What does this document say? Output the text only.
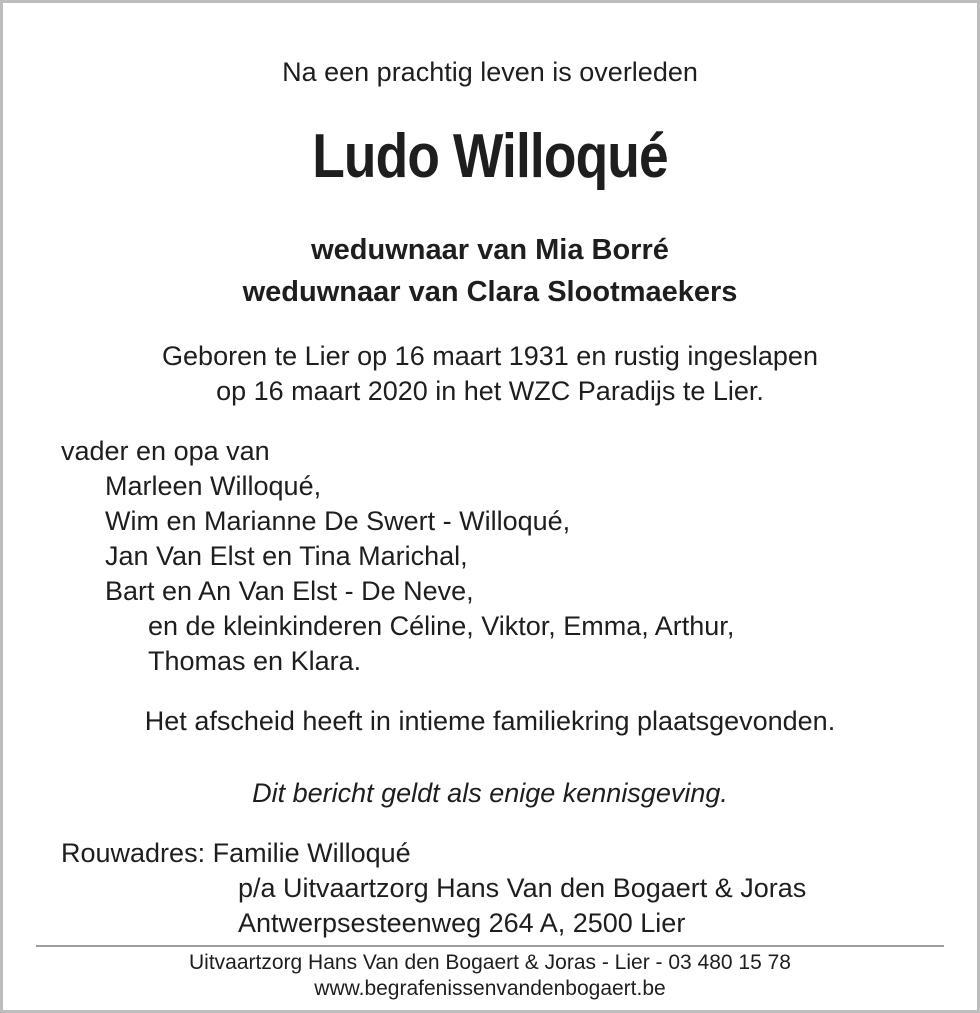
Na een prachtig leven is overleden
Ludo Willoqué
weduwnaar van Mia Borré
weduwnaar van Clara Slootmaekers
Geboren te Lier op 16 maart 1931 en rustig ingeslapen
op 16 maart 2020 in het WZC Paradijs te Lier.
vader en opa van
Marleen Willoqué,
Wim en Marianne De Swert - Willoqué,
Jan Van Elst en Tina Marichal,
Bart en An Van Elst - De Neve,
en de kleinkinderen Céline, Viktor, Emma, Arthur,
Thomas en Klara.
Het afscheid heeft in intieme familiekring plaatsgevonden.
Dit bericht geldt als enige kennisgeving.
Rouwadres: Familie Willoqué
p/a Uitvaartzorg Hans Van den Bogaert & Joras
Antwerpsesteenweg 264 A, 2500 Lier
Uitvaartzorg Hans Van den Bogaert & Joras - Lier - 03 480 15 78
www.begrafenissenvandenbogaert.be
